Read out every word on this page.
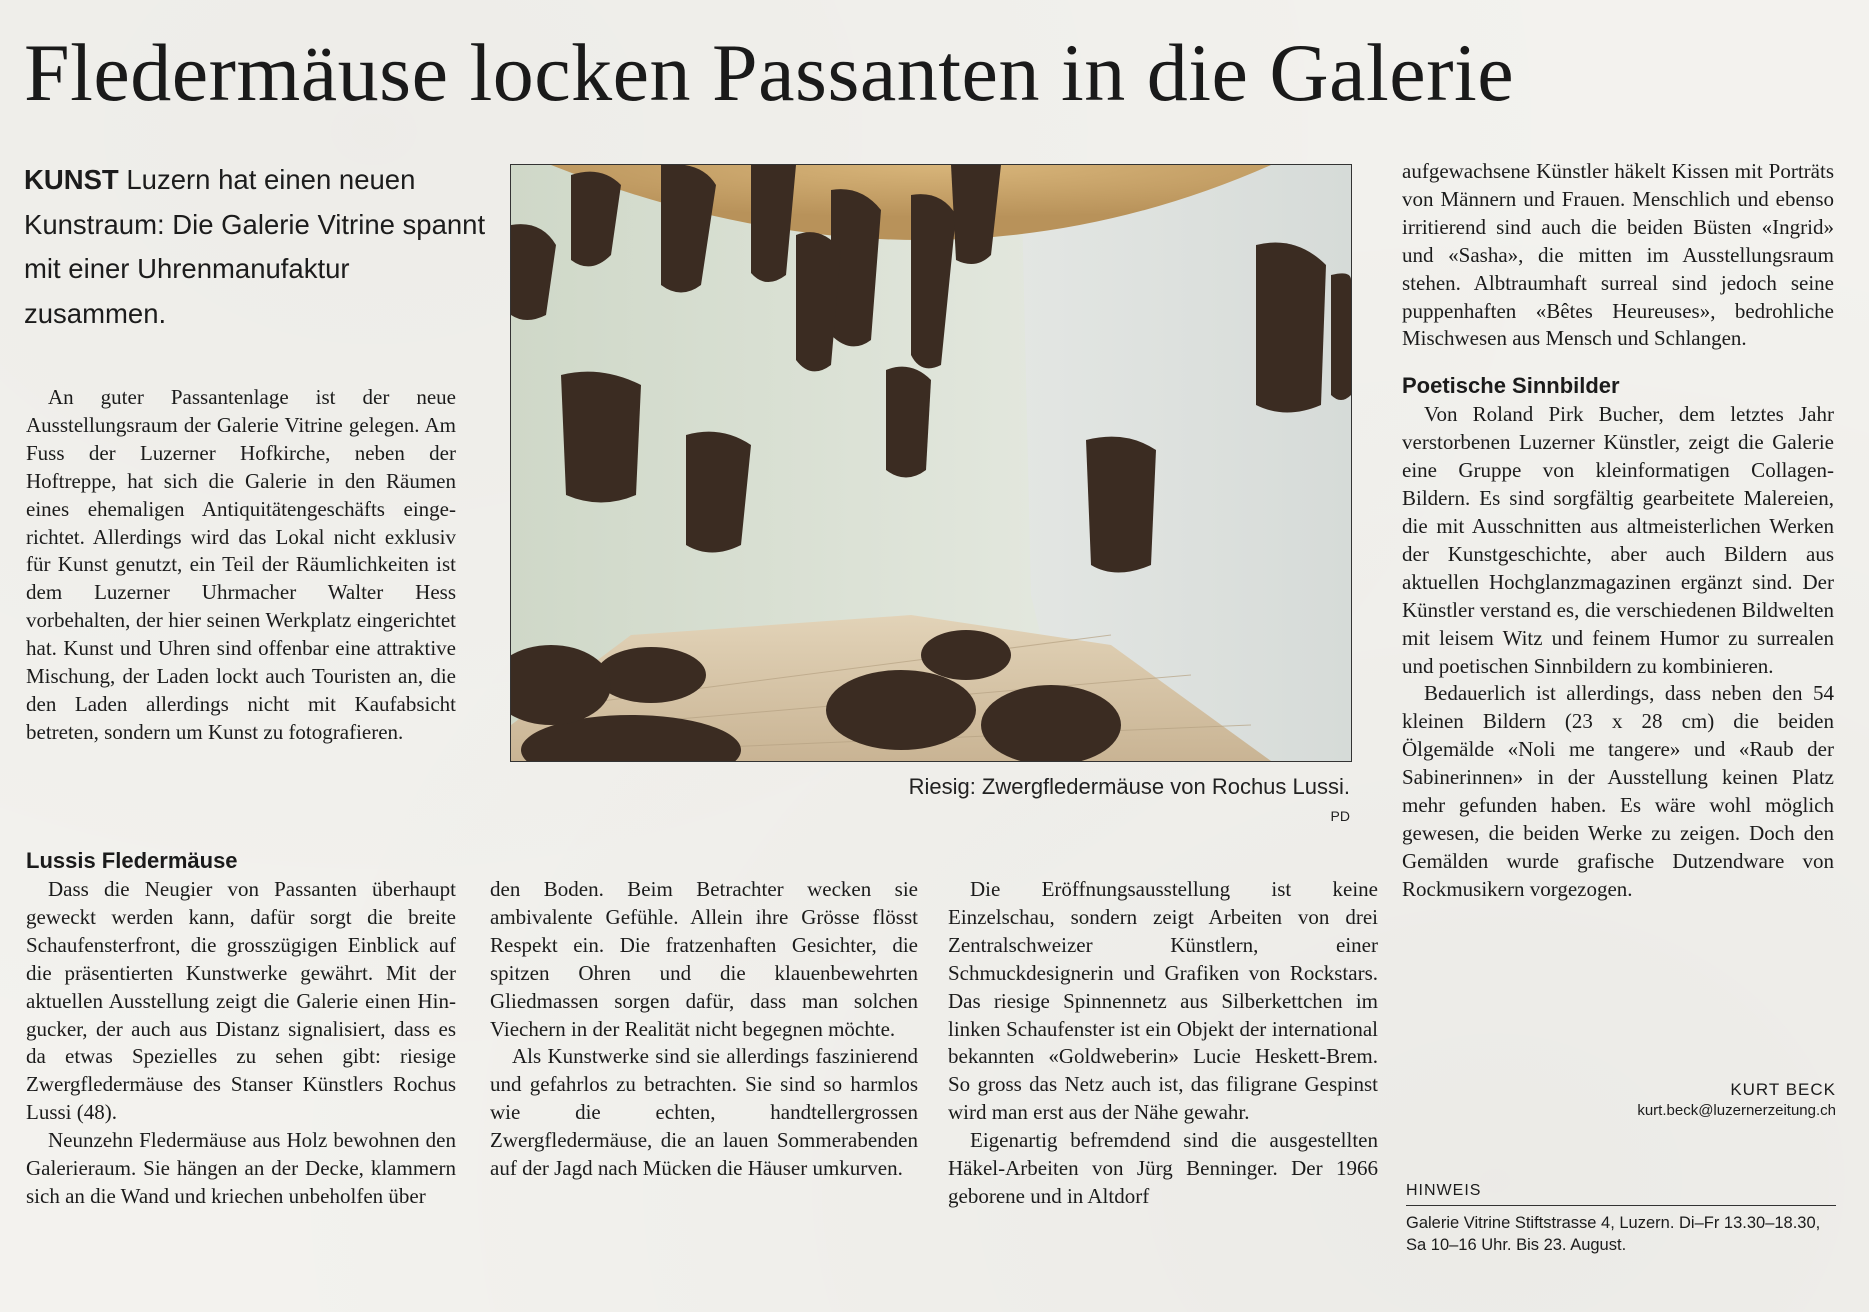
Fledermäuse locken Passanten in die Galerie
KUNST Luzern hat einen neuen Kunstraum: Die Galerie Vitrine spannt mit einer Uhrenmanufaktur zusammen.

An guter Passantenlage ist der neue Ausstellungsraum der Galerie Vitrine gelegen. Am Fuss der Luzerner Hofkirche, neben der Hoftreppe, hat sich die Galerie in den Räumen eines ehemaligen Antiquitätengeschäfts eingerichtet. Allerdings wird das Lokal nicht exklusiv für Kunst genutzt, ein Teil der Räumlichkeiten ist dem Luzerner Uhrmacher Walter Hess vorbehalten, der hier seinen Werkplatz eingerichtet hat. Kunst und Uhren sind offenbar eine attraktive Mischung, der Laden lockt auch Touristen an, die den Laden allerdings nicht mit Kaufabsicht betreten, sondern um Kunst zu fotografieren.

Lussis Fledermäuse

Dass die Neugier von Passanten überhaupt geweckt werden kann, dafür sorgt die breite Schaufensterfront, die grosszügigen Einblick auf die präsentierten Kunstwerke gewährt. Mit der aktuellen Ausstellung zeigt die Galerie einen Hingucker, der auch aus Distanz signalisiert, dass es da etwas Spezielles zu sehen gibt: riesige Zwergfledermäuse des Stanser Künstlers Rochus Lussi (48).

Neunzehn Fledermäuse aus Holz bewohnen den Galerieraum. Sie hängen an der Decke, klammern sich an die Wand und kriechen unbeholfen über

Riesig: Zwergfledermäuse von Rochus Lussi.
PD

den Boden. Beim Betrachter wecken sie ambivalente Gefühle. Allein ihre Grösse flösst Respekt ein. Die fratzenhaften Gesichter, die spitzen Ohren und die klauenbewehrten Gliedmassen sorgen dafür, dass man solchen Viechern in der Realität nicht begegnen möchte.

Als Kunstwerke sind sie allerdings faszinierend und gefahrlos zu betrachten. Sie sind so harmlos wie die echten, handtellergrossen Zwergfledermäuse, die an lauen Sommerabenden auf der Jagd nach Mücken die Häuser umkurven.

Die Eröffnungsausstellung ist keine Einzelschau, sondern zeigt Arbeiten von drei Zentralschweizer Künstlern, einer Schmuckdesignerin und Grafiken von Rockstars. Das riesige Spinnennetz aus Silberkettchen im linken Schaufenster ist ein Objekt der international bekannten «Goldweberin» Lucie Heskett-Brem. So gross das Netz auch ist, das filigrane Gespinst wird man erst aus der Nähe gewahr.

Eigenartig befremdend sind die ausgestellten Häkel-Arbeiten von Jürg Benninger. Der 1966 geborene und in Altdorf

aufgewachsene Künstler häkelt Kissen mit Porträts von Männern und Frauen. Menschlich und ebenso irritierend sind auch die beiden Büsten «Ingrid» und «Sasha», die mitten im Ausstellungsraum stehen. Albtraumhaft surreal sind jedoch seine puppenhaften «Bêtes Heureuses», bedrohliche Mischwesen aus Mensch und Schlangen.

Poetische Sinnbilder

Von Roland Pirk Bucher, dem letztes Jahr verstorbenen Luzerner Künstler, zeigt die Galerie eine Gruppe von kleinformatigen Collagen-Bildern. Es sind sorgfältig gearbeitete Malereien, die mit Ausschnitten aus altmeisterlichen Werken der Kunstgeschichte, aber auch Bildern aus aktuellen Hochglanzmagazinen ergänzt sind. Der Künstler verstand es, die verschiedenen Bildwelten mit leisem Witz und feinem Humor zu surrealen und poetischen Sinnbildern zu kombinieren.

Bedauerlich ist allerdings, dass neben den 54 kleinen Bildern (23 x 28 cm) die beiden Ölgemälde «Noli me tangere» und «Raub der Sabinerinnen» in der Ausstellung keinen Platz mehr gefunden haben. Es wäre wohl möglich gewesen, die beiden Werke zu zeigen. Doch den Gemälden wurde grafische Dutzendware von Rockmusikern vorgezogen.

KURT BECK
kurt.beck@luzernerzeitung.ch
HINWEIS
Galerie Vitrine Stiftstrasse 4, Luzern. Di–Fr 13.30–18.30, Sa 10–16 Uhr. Bis 23. August.
